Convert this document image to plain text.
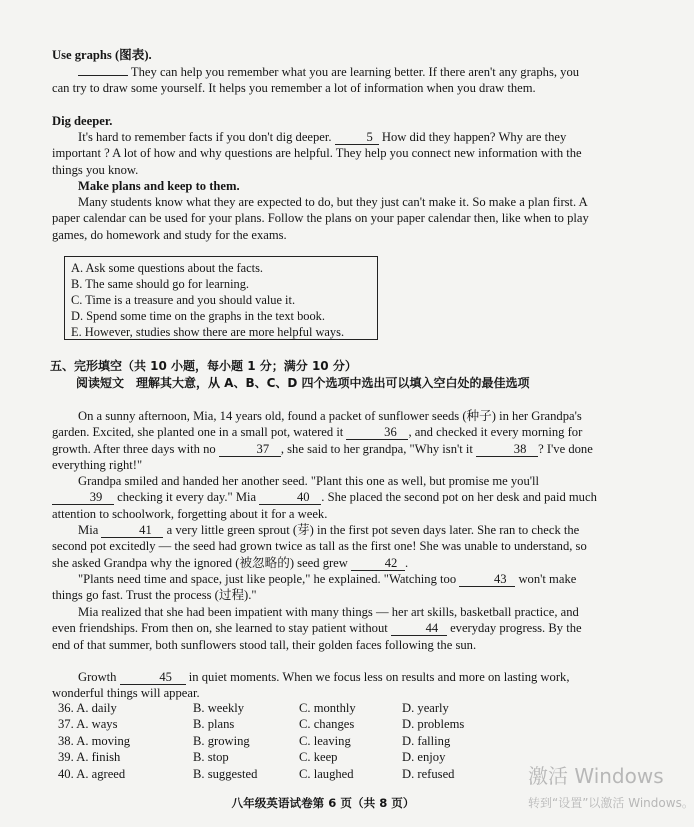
Use graphs (图表).
They can help you remember what you are learning better. If there aren't any graphs, you can try to draw some yourself. It helps you remember a lot of information when you draw them.
Dig deeper.
It's hard to remember facts if you don't dig deeper.	5 How did they happen? Why are they important ? A lot of how and why questions are helpful. They help you connect new information with the things you know.
Make plans and keep to them.
Many students know what they are expected to do, but they just can't make it. So make a plan first. A paper calendar can be used for your plans. Follow the plans on your paper calendar then, like when to play games, do homework and study for the exams.
A. Ask some questions about the facts.
B. The same should go for learning.
C. Time is a treasure and you should value it.
D. Spend some time on the graphs in the text book.
E. However, studies show there are more helpful ways.
五、完形填空（共 10 小题，每小题 1 分；满分 10 分）
阅读短文　理解其大意，从 A、B、C、D 四个选项中选出可以填入空白处的最佳选项
On a sunny afternoon, Mia, 14 years old, found a packet of sunflower seeds (种子) in her Grandpa's garden. Excited, she planted one in a small pot, watered it	36 , and checked it every morning for growth. After three days with no	37 , she said to her grandpa, "Why isn't it	38 ? I've done everything right!"
Grandpa smiled and handed her another seed. "Plant this one as well, but promise me you'll 39 checking it every day." Mia	40 . She placed the second pot on her desk and paid much attention to schoolwork, forgetting about it for a week.
Mia	41 a very little green sprout (芽) in the first pot seven days later. She ran to check the second pot excitedly — the seed had grown twice as tall as the first one! She was unable to understand, so she asked Grandpa why the ignored (被忽略的) seed grew	42 .
"Plants need time and space, just like people," he explained. "Watching too	43 won't make things go fast. Trust the process (过程)."
Mia realized that she had been impatient with many things — her art skills, basketball practice, and even friendships. From then on, she learned to stay patient without	44 everyday progress. By the end of that summer, both sunflowers stood tall, their golden faces following the sun.
Growth	45 in quiet moments. When we focus less on results and more on lasting work, wonderful things will appear.
36. A. daily	B. weekly	C. monthly	D. yearly
37. A. ways	B. plans	C. changes	D. problems
38. A. moving	B. growing	C. leaving	D. falling
39. A. finish	B. stop	C. keep	D. enjoy
40. A. agreed	B. suggested	C. laughed	D. refused
八年级英语试卷第 6 页（共 8 页）
激活 Windows
转到“设置”以激活 Windows。
